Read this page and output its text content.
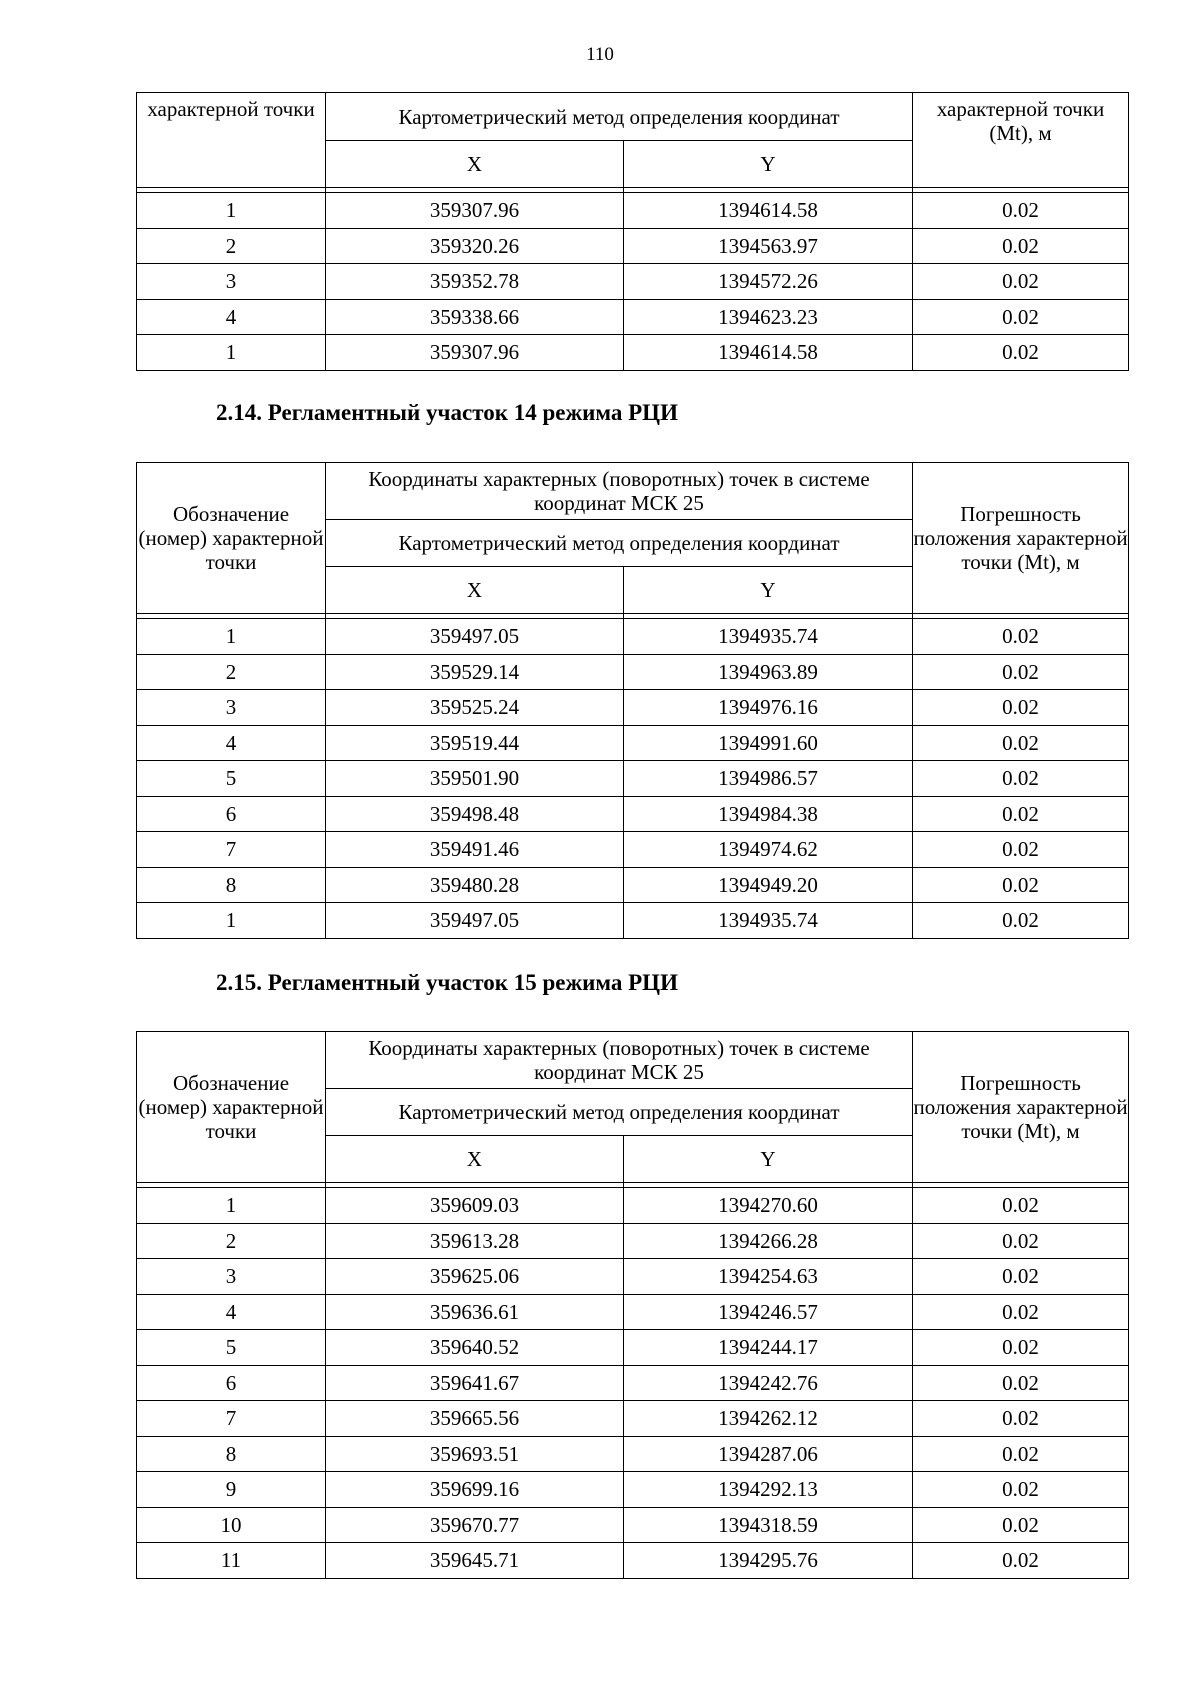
110
характерной точки	Картометрический метод определения координат		характерной точки (Mt), м
	X	Y	

1	359307.96	1394614.58	0.02
2	359320.26	1394563.97	0.02
3	359352.78	1394572.26	0.02
4	359338.66	1394623.23	0.02
1	359307.96	1394614.58	0.02
2.14. Регламентный участок 14 режима РЦИ
Обозначение (номер) характерной точки	Координаты характерных (поворотных) точек в системе координат МСК 25		Погрешность положения характерной точки (Mt), м
	Картометрический метод определения координат		
	X	Y	

1	359497.05	1394935.74	0.02
2	359529.14	1394963.89	0.02
3	359525.24	1394976.16	0.02
4	359519.44	1394991.60	0.02
5	359501.90	1394986.57	0.02
6	359498.48	1394984.38	0.02
7	359491.46	1394974.62	0.02
8	359480.28	1394949.20	0.02
1	359497.05	1394935.74	0.02
2.15. Регламентный участок 15 режима РЦИ
Обозначение (номер) характерной точки	Координаты характерных (поворотных) точек в системе координат МСК 25		Погрешность положения характерной точки (Mt), м
	Картометрический метод определения координат		
	X	Y	

1	359609.03	1394270.60	0.02
2	359613.28	1394266.28	0.02
3	359625.06	1394254.63	0.02
4	359636.61	1394246.57	0.02
5	359640.52	1394244.17	0.02
6	359641.67	1394242.76	0.02
7	359665.56	1394262.12	0.02
8	359693.51	1394287.06	0.02
9	359699.16	1394292.13	0.02
10	359670.77	1394318.59	0.02
11	359645.71	1394295.76	0.02
